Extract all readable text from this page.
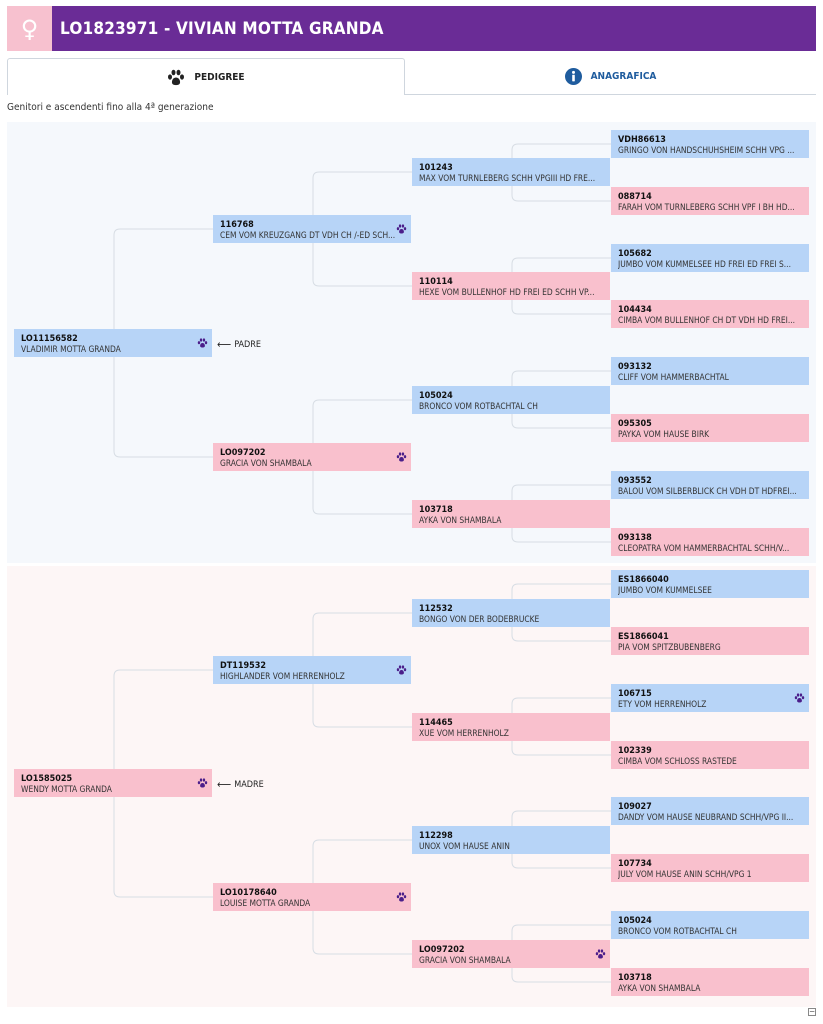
♀	LO1823971 - VIVIAN MOTTA GRANDA
PEDIGREE	ANAGRAFICA
Genitori e ascendenti fino alla 4ª generazione
LO11156582
VLADIMIR MOTTA GRANDA
116768
CEM VOM KREUZGANG DT VDH CH /-ED SCH...
101243
MAX VOM TURNLEBERG SCHH VPGIII HD FRE...
VDH86613
GRINGO VON HANDSCHUHSHEIM SCHH VPG ...
088714
FARAH VOM TURNLEBERG SCHH VPF I BH HD...
110114
HEXE VOM BULLENHOF HD FREI ED SCHH VP...
105682
JUMBO VOM KUMMELSEE HD FREI ED FREI S...
104434
CIMBA VOM BULLENHOF CH DT VDH HD FREI...
LO097202
GRACIA VON SHAMBALA
105024
BRONCO VOM ROTBACHTAL CH
093132
CLIFF VOM HAMMERBACHTAL
095305
PAYKA VOM HAUSE BIRK
103718
AYKA VON SHAMBALA
093552
BALOU VOM SILBERBLICK CH VDH DT HDFREI...
093138
CLEOPATRA VOM HAMMERBACHTAL SCHH/V...
LO1585025
WENDY MOTTA GRANDA
DT119532
HIGHLANDER VOM HERRENHOLZ
112532
BONGO VON DER BODEBRUCKE
ES1866040
JUMBO VOM KUMMELSEE
ES1866041
PIA VOM SPITZBUBENBERG
114465
XUE VOM HERRENHOLZ
106715
ETY VOM HERRENHOLZ
102339
CIMBA VOM SCHLOSS RASTEDE
LO10178640
LOUISE MOTTA GRANDA
112298
UNOX VOM HAUSE ANIN
109027
DANDY VOM HAUSE NEUBRAND SCHH/VPG II...
107734
JULY VOM HAUSE ANIN SCHH/VPG 1
LO097202
GRACIA VON SHAMBALA
105024
BRONCO VOM ROTBACHTAL CH
103718
AYKA VON SHAMBALA
⟵ PADRE
⟵ MADRE
−
